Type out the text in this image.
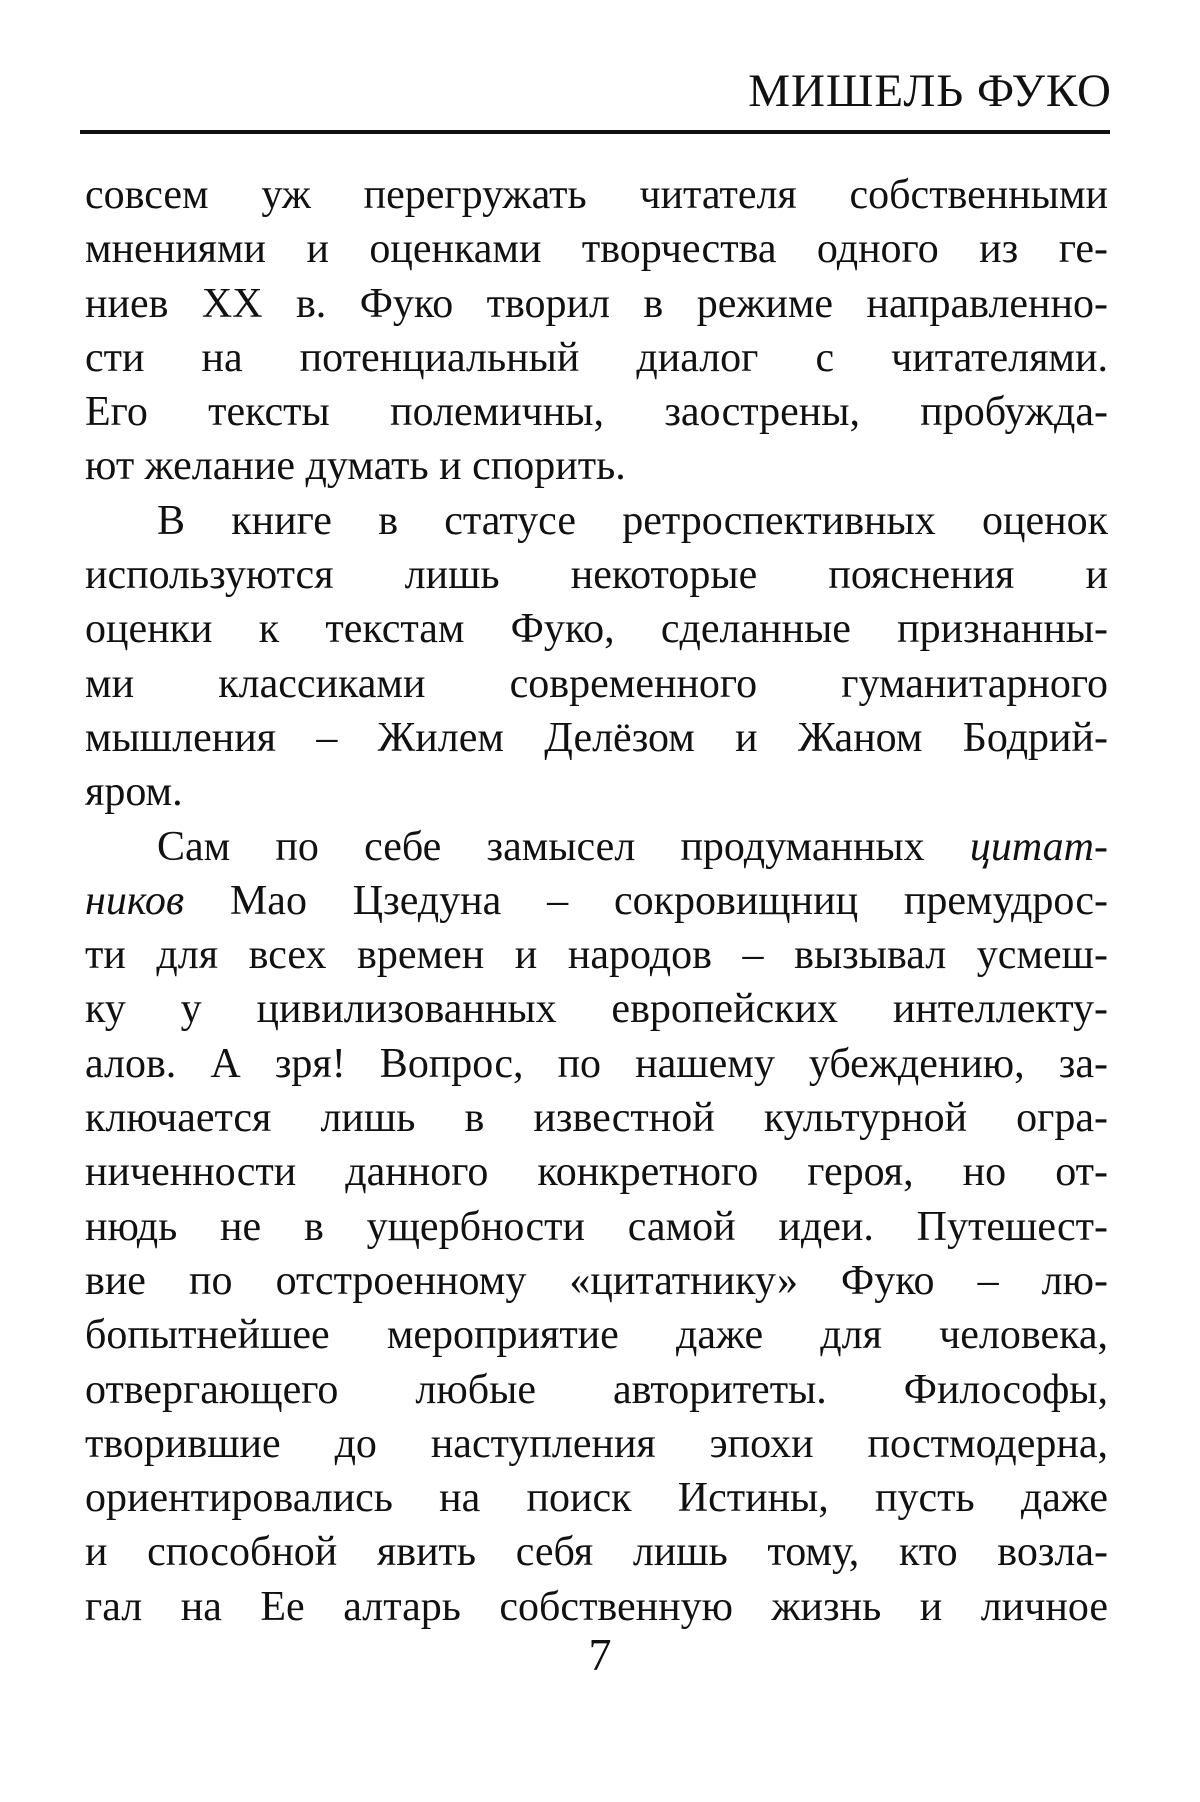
МИШЕЛЬ ФУКО

совсем уж перегружать читателя собственными
мнениями и оценками творчества одного из ге-
ниев XX в. Фуко творил в режиме направленно-
сти на потенциальный диалог с читателями.
Его тексты полемичны, заострены, пробужда-
ют желание думать и спорить.

В книге в статусе ретроспективных оценок
используются лишь некоторые пояснения и
оценки к текстам Фуко, сделанные признанны-
ми классиками современного гуманитарного
мышления – Жилем Делёзом и Жаном Бодрий-
яром.

Сам по себе замысел продуманных цитат-
ников Мао Цзедуна – сокровищниц премудрос-
ти для всех времен и народов – вызывал усмеш-
ку у цивилизованных европейских интеллекту-
алов. А зря! Вопрос, по нашему убеждению, за-
ключается лишь в известной культурной огра-
ниченности данного конкретного героя, но от-
нюдь не в ущербности самой идеи. Путешест-
вие по отстроенному «цитатнику» Фуко – лю-
бопытнейшее мероприятие даже для человека,
отвергающего любые авторитеты. Философы,
творившие до наступления эпохи постмодерна,
ориентировались на поиск Истины, пусть даже
и способной явить себя лишь тому, кто возла-
гал на Ее алтарь собственную жизнь и личное

7
